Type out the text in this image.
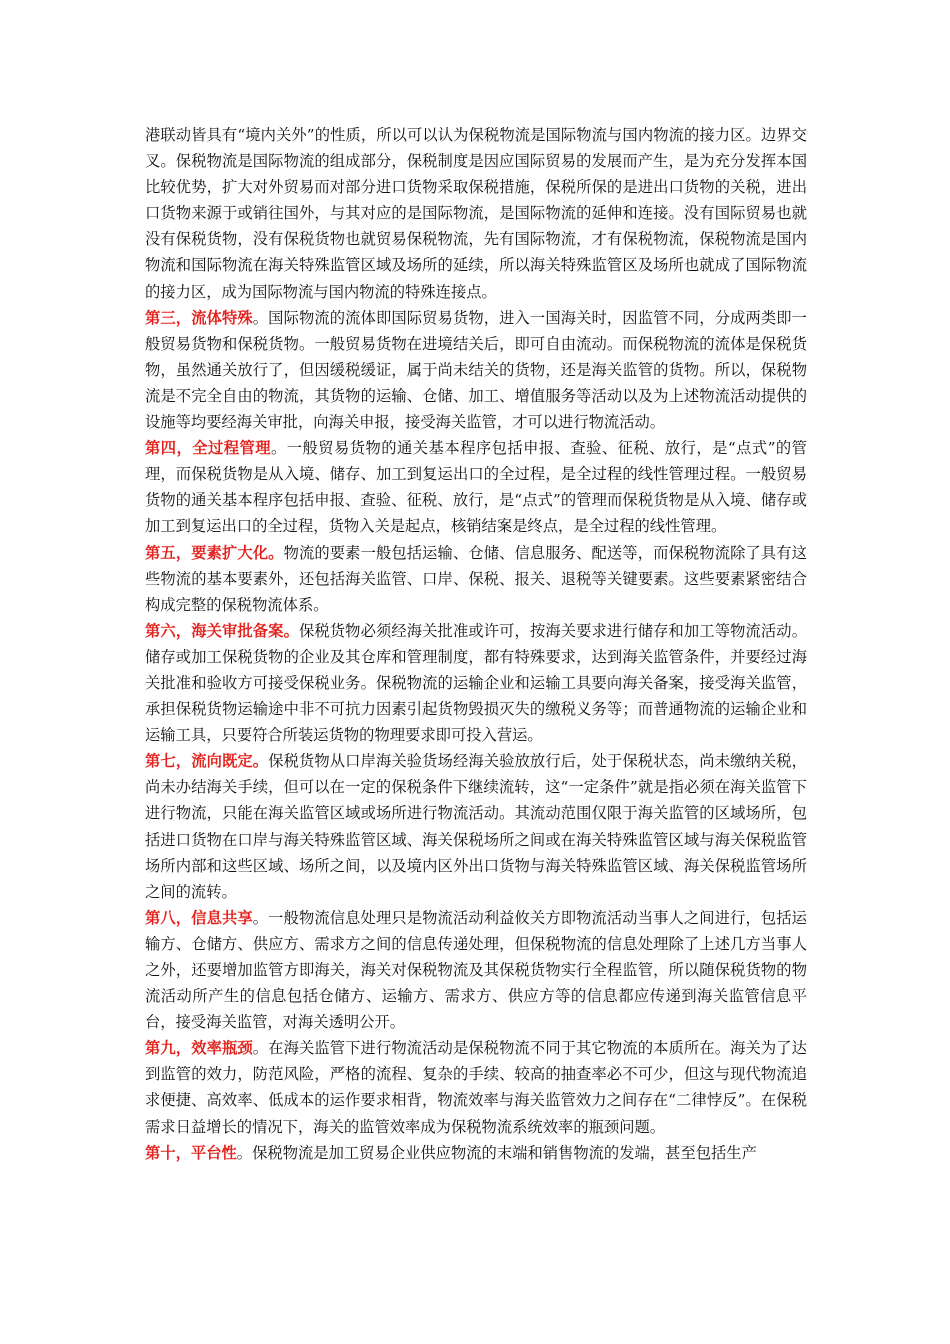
港联动皆具有“境内关外”的性质，所以可以认为保税物流是国际物流与国内物流的接力区。边界交叉。保税物流是国际物流的组成部分，保税制度是因应国际贸易的发展而产生，是为充分发挥本国比较优势，扩大对外贸易而对部分进口货物采取保税措施，保税所保的是进出口货物的关税，进出口货物来源于或销往国外，与其对应的是国际物流，是国际物流的延伸和连接。没有国际贸易也就没有保税货物，没有保税货物也就贸易保税物流，先有国际物流，才有保税物流，保税物流是国内物流和国际物流在海关特殊监管区域及场所的延续，所以海关特殊监管区及场所也就成了国际物流的接力区，成为国际物流与国内物流的特殊连接点。

第三，流体特殊。国际物流的流体即国际贸易货物，进入一国海关时，因监管不同，分成两类即一般贸易货物和保税货物。一般贸易货物在进境结关后，即可自由流动。而保税物流的流体是保税货物，虽然通关放行了，但因缓税缓证，属于尚未结关的货物，还是海关监管的货物。所以，保税物流是不完全自由的物流，其货物的运输、仓储、加工、增值服务等活动以及为上述物流活动提供的设施等均要经海关审批，向海关申报，接受海关监管，才可以进行物流活动。

第四，全过程管理。一般贸易货物的通关基本程序包括申报、查验、征税、放行，是“点式”的管理，而保税货物是从入境、储存、加工到复运出口的全过程，是全过程的线性管理过程。一般贸易货物的通关基本程序包括申报、查验、征税、放行，是“点式”的管理而保税货物是从入境、储存或加工到复运出口的全过程，货物入关是起点，核销结案是终点，是全过程的线性管理。

第五，要素扩大化。物流的要素一般包括运输、仓储、信息服务、配送等，而保税物流除了具有这些物流的基本要素外，还包括海关监管、口岸、保税、报关、退税等关键要素。这些要素紧密结合构成完整的保税物流体系。

第六，海关审批备案。保税货物必须经海关批准或许可，按海关要求进行储存和加工等物流活动。储存或加工保税货物的企业及其仓库和管理制度，都有特殊要求，达到海关监管条件，并要经过海关批准和验收方可接受保税业务。保税物流的运输企业和运输工具要向海关备案，接受海关监管，承担保税货物运输途中非不可抗力因素引起货物毁损灭失的缴税义务等；而普通物流的运输企业和运输工具，只要符合所装运货物的物理要求即可投入营运。

第七，流向既定。保税货物从口岸海关验货场经海关验放放行后，处于保税状态，尚未缴纳关税，尚未办结海关手续，但可以在一定的保税条件下继续流转，这“一定条件”就是指必须在海关监管下进行物流，只能在海关监管区域或场所进行物流活动。其流动范围仅限于海关监管的区域场所，包括进口货物在口岸与海关特殊监管区域、海关保税场所之间或在海关特殊监管区域与海关保税监管场所内部和这些区域、场所之间，以及境内区外出口货物与海关特殊监管区域、海关保税监管场所之间的流转。

第八，信息共享。一般物流信息处理只是物流活动利益攸关方即物流活动当事人之间进行，包括运输方、仓储方、供应方、需求方之间的信息传递处理，但保税物流的信息处理除了上述几方当事人之外，还要增加监管方即海关，海关对保税物流及其保税货物实行全程监管，所以随保税货物的物流活动所产生的信息包括仓储方、运输方、需求方、供应方等的信息都应传递到海关监管信息平台，接受海关监管，对海关透明公开。

第九，效率瓶颈。在海关监管下进行物流活动是保税物流不同于其它物流的本质所在。海关为了达到监管的效力，防范风险，严格的流程、复杂的手续、较高的抽查率必不可少，但这与现代物流追求便捷、高效率、低成本的运作要求相背，物流效率与海关监管效力之间存在“二律悖反”。在保税需求日益增长的情况下，海关的监管效率成为保税物流系统效率的瓶颈问题。

第十，平台性。保税物流是加工贸易企业供应物流的末端和销售物流的发端，甚至包括生产
